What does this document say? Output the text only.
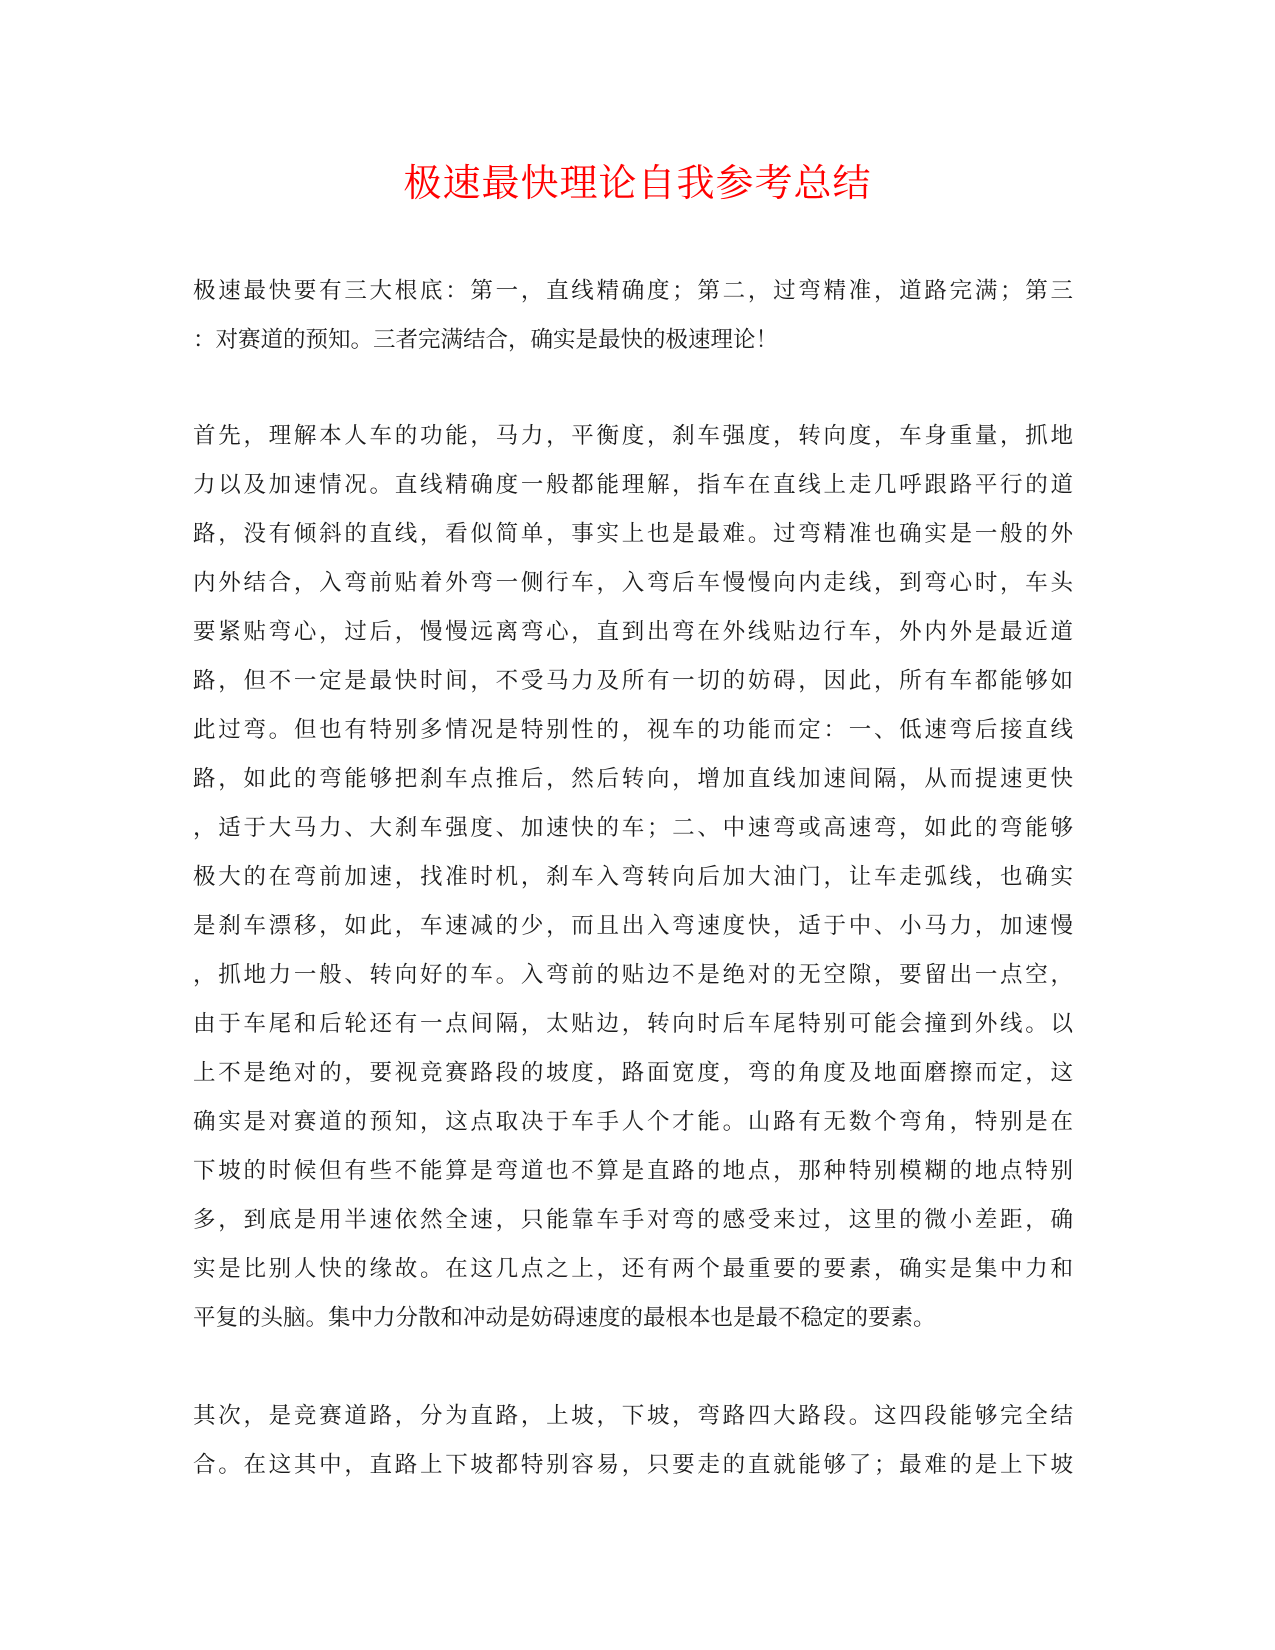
极速最快理论自我参考总结
极速最快要有三大根底：第一，直线精确度；第二，过弯精准，道路完满；第三
：对赛道的预知。三者完满结合，确实是最快的极速理论！
首先，理解本人车的功能，马力，平衡度，刹车强度，转向度，车身重量，抓地
力以及加速情况。直线精确度一般都能理解，指车在直线上走几呼跟路平行的道
路，没有倾斜的直线，看似简单，事实上也是最难。过弯精准也确实是一般的外
内外结合，入弯前贴着外弯一侧行车，入弯后车慢慢向内走线，到弯心时，车头
要紧贴弯心，过后，慢慢远离弯心，直到出弯在外线贴边行车，外内外是最近道
路，但不一定是最快时间，不受马力及所有一切的妨碍，因此，所有车都能够如
此过弯。但也有特别多情况是特别性的，视车的功能而定：一、低速弯后接直线
路，如此的弯能够把刹车点推后，然后转向，增加直线加速间隔，从而提速更快
，适于大马力、大刹车强度、加速快的车；二、中速弯或高速弯，如此的弯能够
极大的在弯前加速，找准时机，刹车入弯转向后加大油门，让车走弧线，也确实
是刹车漂移，如此，车速减的少，而且出入弯速度快，适于中、小马力，加速慢
，抓地力一般、转向好的车。入弯前的贴边不是绝对的无空隙，要留出一点空，
由于车尾和后轮还有一点间隔，太贴边，转向时后车尾特别可能会撞到外线。以
上不是绝对的，要视竞赛路段的坡度，路面宽度，弯的角度及地面磨擦而定，这
确实是对赛道的预知，这点取决于车手人个才能。山路有无数个弯角，特别是在
下坡的时候但有些不能算是弯道也不算是直路的地点，那种特别模糊的地点特别
多，到底是用半速依然全速，只能靠车手对弯的感受来过，这里的微小差距，确
实是比别人快的缘故。在这几点之上，还有两个最重要的要素，确实是集中力和
平复的头脑。集中力分散和冲动是妨碍速度的最根本也是最不稳定的要素。
其次，是竞赛道路，分为直路，上坡，下坡，弯路四大路段。这四段能够完全结
合。在这其中，直路上下坡都特别容易，只要走的直就能够了；最难的是上下坡
